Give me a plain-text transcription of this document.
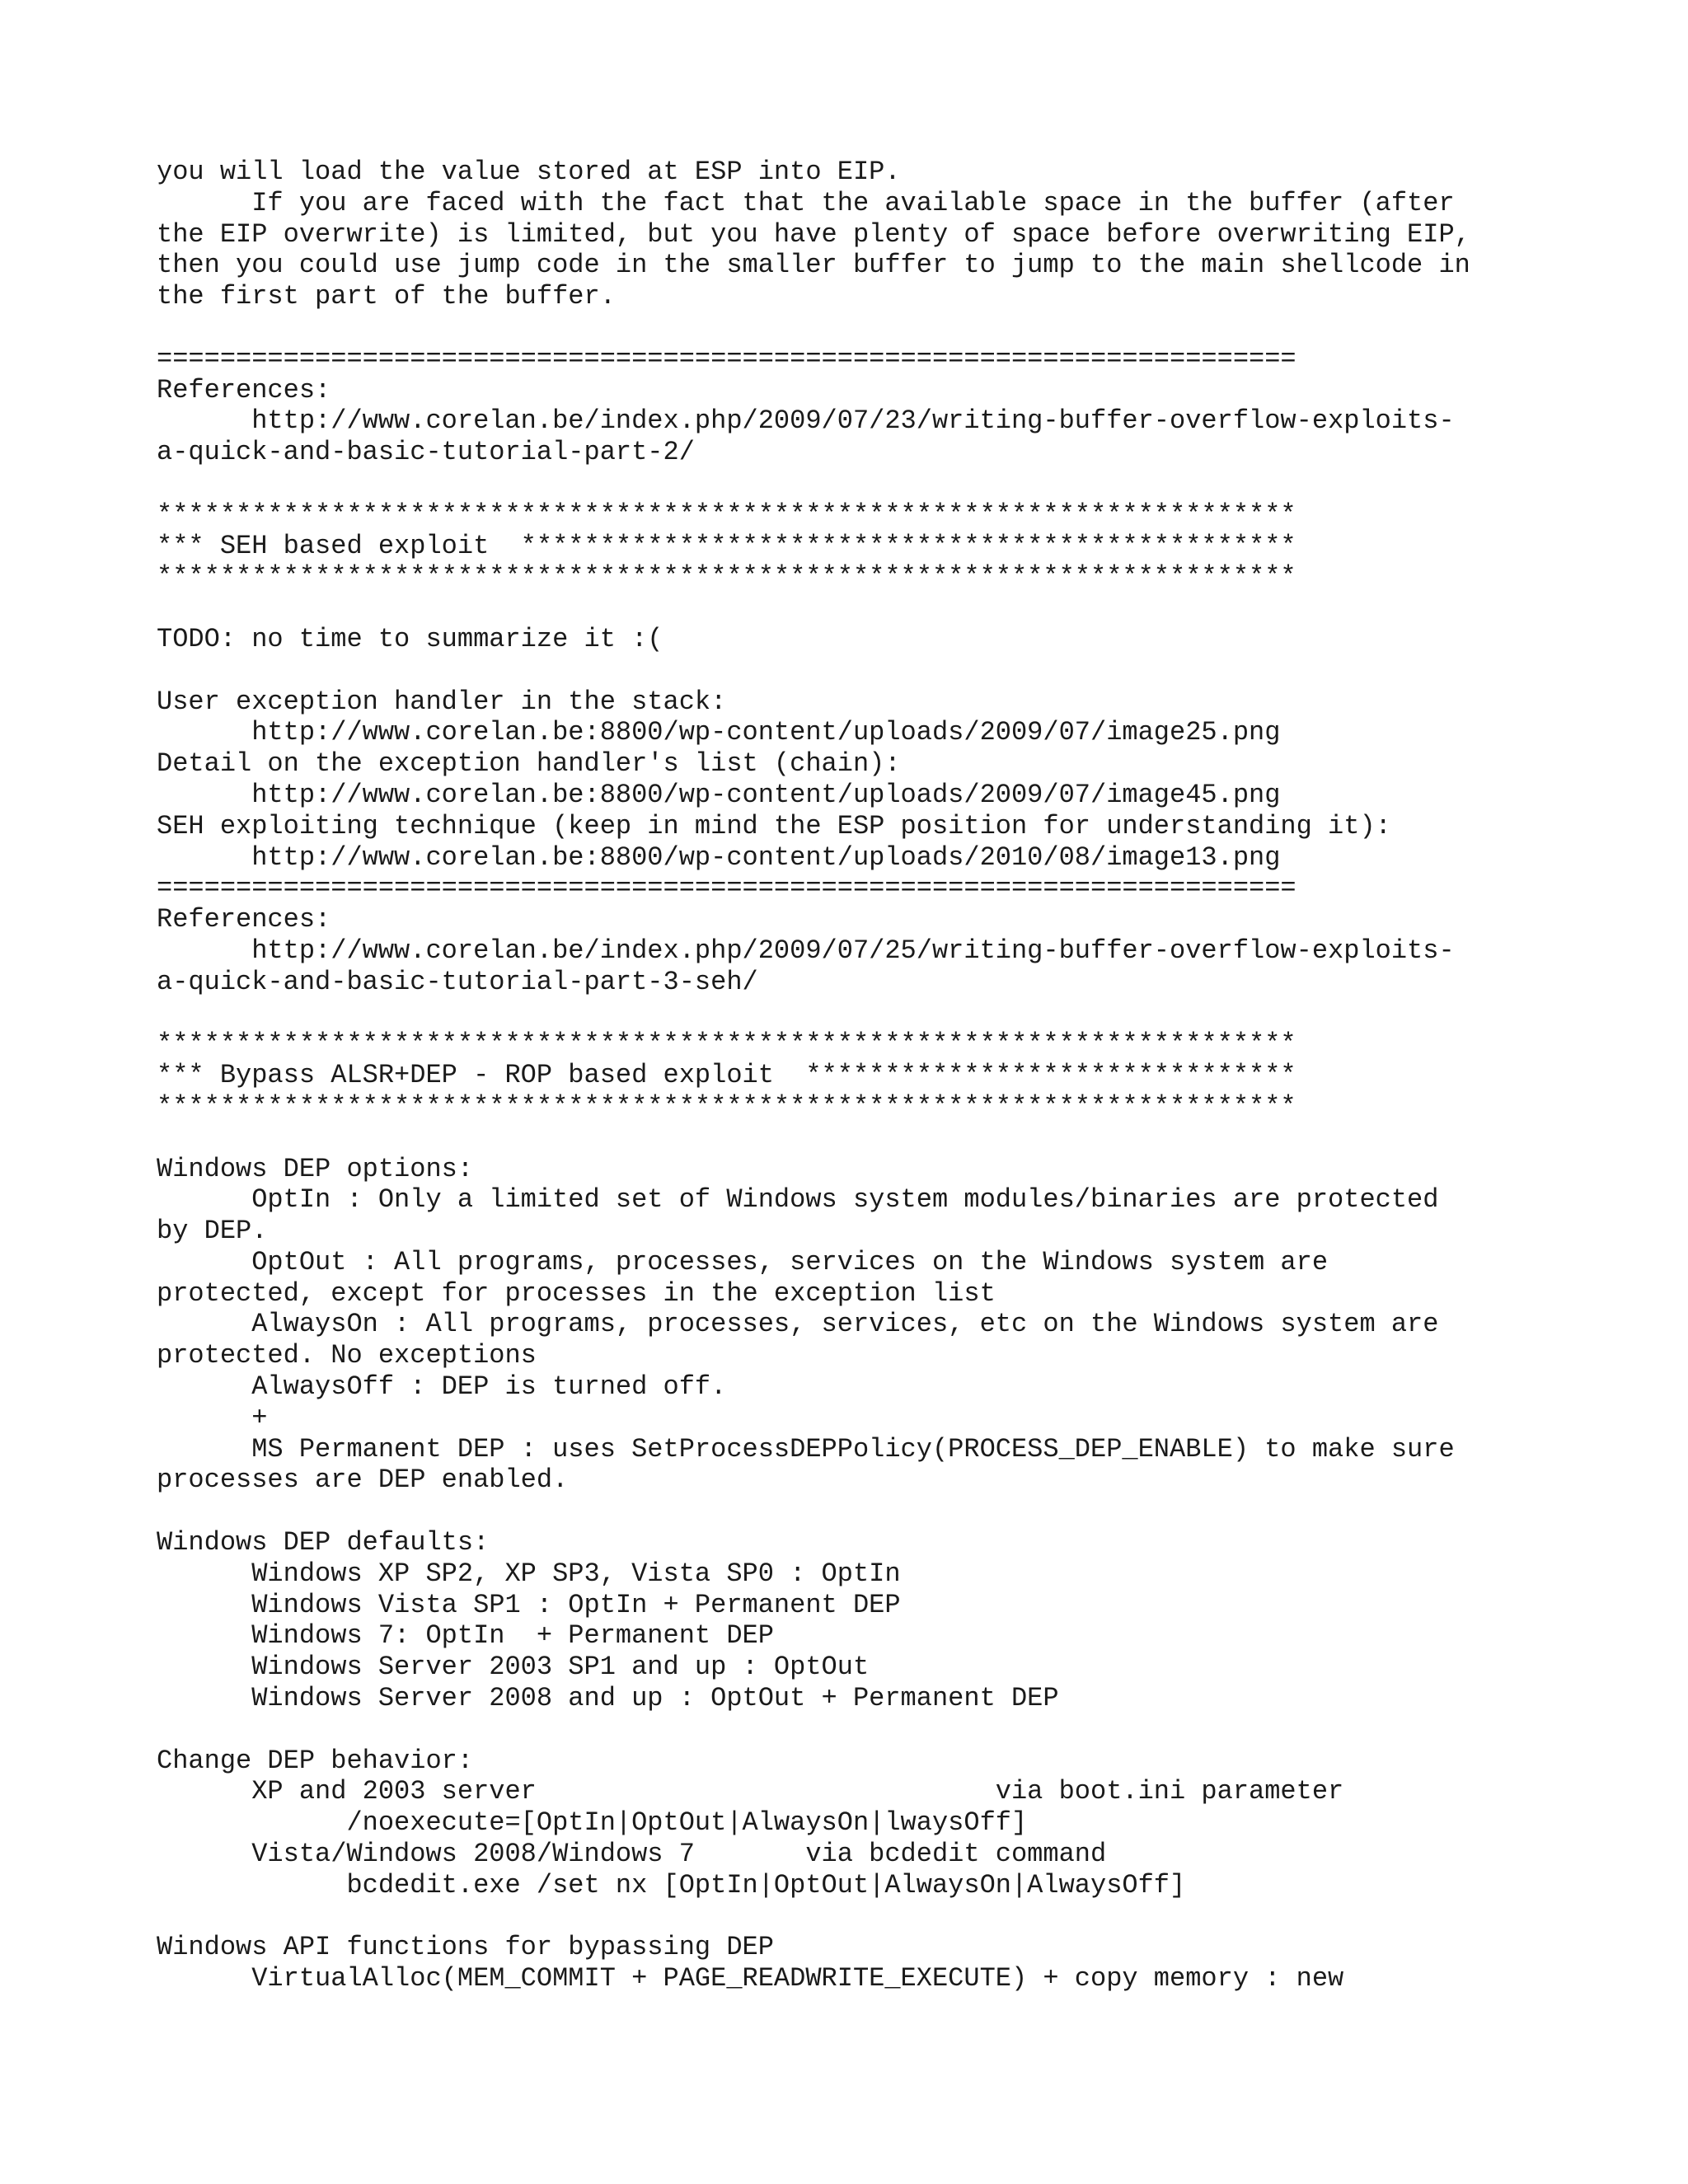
you will load the value stored at ESP into EIP.
If you are faced with the fact that the available space in the buffer (after
the EIP overwrite) is limited, but you have plenty of space before overwriting EIP,
then you could use jump code in the smaller buffer to jump to the main shellcode in
the first part of the buffer.
========================================================================
References:
http://www.corelan.be/index.php/2009/07/23/writing-buffer-overflow-exploits-
a-quick-and-basic-tutorial-part-2/
************************************************************************
*** SEH based exploit  *************************************************
************************************************************************
TODO: no time to summarize it :(
User exception handler in the stack:
http://www.corelan.be:8800/wp-content/uploads/2009/07/image25.png
Detail on the exception handler's list (chain):
http://www.corelan.be:8800/wp-content/uploads/2009/07/image45.png
SEH exploiting technique (keep in mind the ESP position for understanding it):
http://www.corelan.be:8800/wp-content/uploads/2010/08/image13.png
========================================================================
References:
http://www.corelan.be/index.php/2009/07/25/writing-buffer-overflow-exploits-
a-quick-and-basic-tutorial-part-3-seh/
************************************************************************
*** Bypass ALSR+DEP - ROP based exploit  *******************************
************************************************************************
Windows DEP options:
OptIn : Only a limited set of Windows system modules/binaries are protected
by DEP.
OptOut : All programs, processes, services on the Windows system are
protected, except for processes in the exception list
AlwaysOn : All programs, processes, services, etc on the Windows system are
protected. No exceptions
AlwaysOff : DEP is turned off.
+
MS Permanent DEP : uses SetProcessDEPPolicy(PROCESS_DEP_ENABLE) to make sure
processes are DEP enabled.
Windows DEP defaults:
Windows XP SP2, XP SP3, Vista SP0 : OptIn
Windows Vista SP1 : OptIn + Permanent DEP
Windows 7: OptIn  + Permanent DEP
Windows Server 2003 SP1 and up : OptOut
Windows Server 2008 and up : OptOut + Permanent DEP
Change DEP behavior:
XP and 2003 server                             via boot.ini parameter
/noexecute=[OptIn|OptOut|AlwaysOn|lwaysOff]
Vista/Windows 2008/Windows 7       via bcdedit command
bcdedit.exe /set nx [OptIn|OptOut|AlwaysOn|AlwaysOff]
Windows API functions for bypassing DEP
VirtualAlloc(MEM_COMMIT + PAGE_READWRITE_EXECUTE) + copy memory : new
